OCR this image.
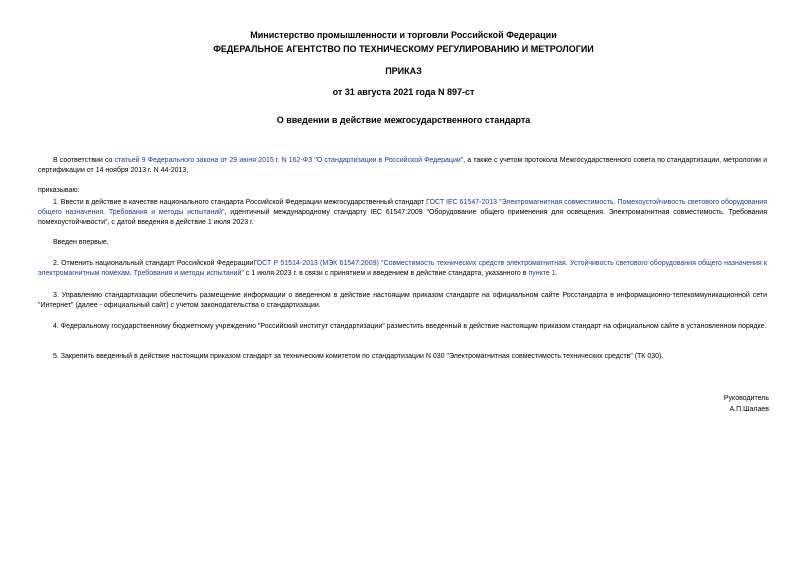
Министерство промышленности и торговли Российской Федерации
ФЕДЕРАЛЬНОЕ АГЕНТСТВО ПО ТЕХНИЧЕСКОМУ РЕГУЛИРОВАНИЮ И МЕТРОЛОГИИ
ПРИКАЗ
от 31 августа 2021 года N 897-ст
О введении в действие межгосударственного стандарта
В соответствии со статьей 9 Федерального закона от 29 июня 2015 г. N 162-ФЗ "О стандартизации в Российской Федерации", а также с учетом протокола Межгосударственного совета по стандартизации, метрологии и сертификации от 14 ноября 2013 г. N 44-2013,
приказываю:
1. Ввести в действие в качестве национального стандарта Российской Федерации межгосударственный стандарт ГОСТ IEC 61547-2013 "Электромагнитная совместимость. Помехоустойчивость светового оборудования общего назначения. Требования и методы испытаний", идентичный международному стандарту IEC 61547:2009 "Оборудование общего применения для освещения. Электромагнитная совместимость. Требования помехоустойчивости", с датой введения в действие 1 июля 2023 г.
Введен впервые.
2. Отменить национальный стандарт Российской ФедерацииГОСТ Р 51514-2013 (МЭК 61547:2009) "Совместимость технических средств электромагнитная. Устойчивость светового оборудования общего назначения к электромагнитным помехам. Требования и методы испытаний" с 1 июля 2023 г. в связи с принятием и введением в действие стандарта, указанного в пункте 1.
3. Управлению стандартизации обеспечить размещение информации о введенном в действие настоящим приказом стандарте на официальном сайте Росстандарта в информационно-телекоммуникационной сети "Интернет" (далее - официальный сайт) с учетом законодательства о стандартизации.
4. Федеральному государственному бюджетному учреждению "Российский институт стандартизации" разместить введенный в действие настоящим приказом стандарт на официальном сайте в установленном порядке.
5. Закрепить введенный в действие настоящим приказом стандарт за техническим комитетом по стандартизации N 030 "Электромагнитная совместимость технических средств" (ТК 030).
Руководитель
А.П.Шалаев
